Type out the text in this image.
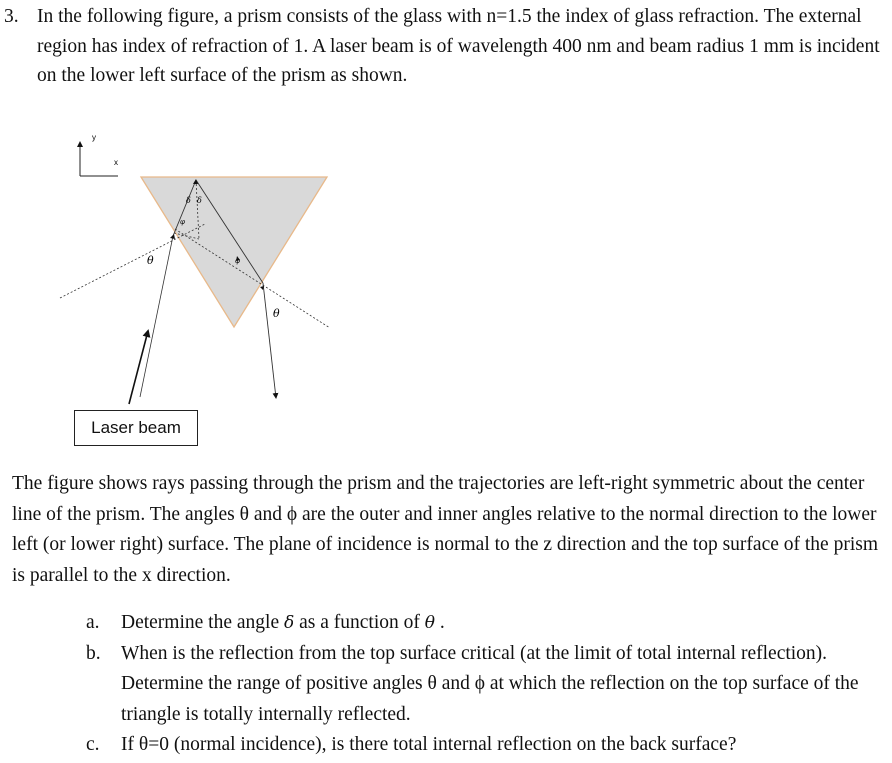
3. In the following figure, a prism consists of the glass with n=1.5 the index of glass refraction. The external region has index of refraction of 1. A laser beam is of wavelength 400 nm and beam radius 1 mm is incident on the lower left surface of the prism as shown.
y
x
θ
θ
δ δ
φ
φ
Laser beam
The figure shows rays passing through the prism and the trajectories are left-right symmetric about the center line of the prism. The angles θ and ϕ are the outer and inner angles relative to the normal direction to the lower left (or lower right) surface. The plane of incidence is normal to the z direction and the top surface of the prism is parallel to the x direction.
a. Determine the angle δ as a function of θ .
b. When is the reflection from the top surface critical (at the limit of total internal reflection). Determine the range of positive angles θ and ϕ at which the reflection on the top surface of the triangle is totally internally reflected.
c. If θ=0 (normal incidence), is there total internal reflection on the back surface?
